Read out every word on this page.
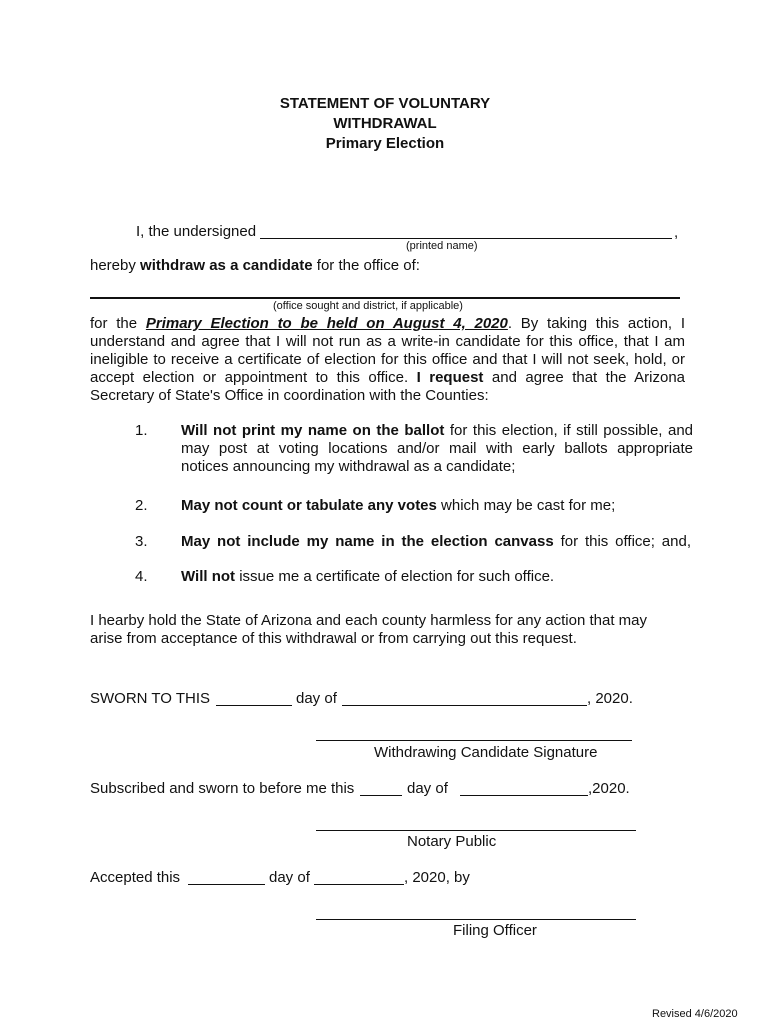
STATEMENT OF VOLUNTARY
WITHDRAWAL
Primary Election
I, the undersigned	,
(printed name)
hereby withdraw as a candidate for the office of:
(office sought and district, if applicable)
for the Primary Election to be held on August 4, 2020. By taking this action, I
understand and agree that I will not run as a write-in candidate for this office, that I am
ineligible to receive a certificate of election for this office and that I will not seek, hold, or
accept election or appointment to this office. I request and agree that the Arizona
Secretary of State's Office in coordination with the Counties:
1. Will not print my name on the ballot for this election, if still possible, and
may post at voting locations and/or mail with early ballots appropriate
notices announcing my withdrawal as a candidate;
2. May not count or tabulate any votes which may be cast for me;
3. May not include my name in the election canvass for this office; and,
4. Will not issue me a certificate of election for such office.
I hearby hold the State of Arizona and each county harmless for any action that may
arise from acceptance of this withdrawal or from carrying out this request.
SWORN TO THIS	day of	, 2020.
Withdrawing Candidate Signature
Subscribed and sworn to before me this	day of	,2020.
Notary Public
Accepted this	day of	, 2020, by
Filing Officer
Revised 4/6/2020
